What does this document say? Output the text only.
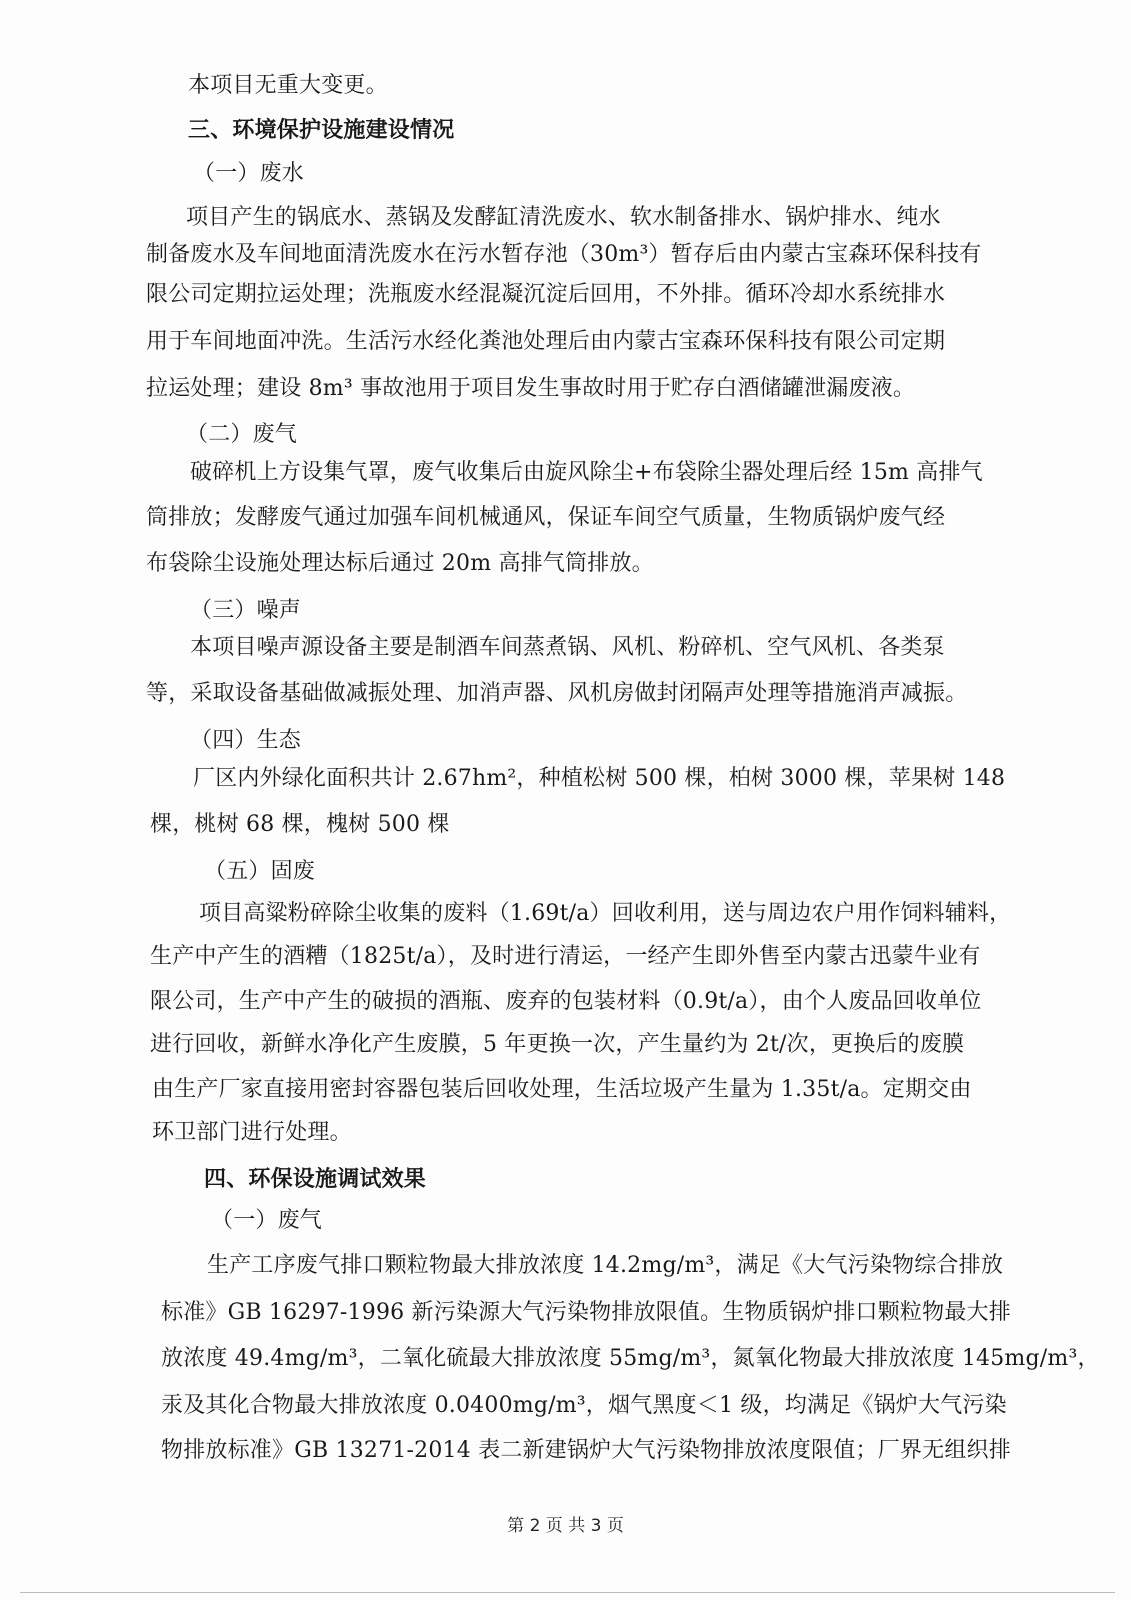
本项目无重大变更。
三、环境保护设施建设情况
（一）废水
项目产生的锅底水、蒸锅及发酵缸清洗废水、软水制备排水、锅炉排水、纯水
制备废水及车间地面清洗废水在污水暂存池（30m³）暂存后由内蒙古宝森环保科技有
限公司定期拉运处理；洗瓶废水经混凝沉淀后回用，不外排。循环冷却水系统排水
用于车间地面冲洗。生活污水经化粪池处理后由内蒙古宝森环保科技有限公司定期
拉运处理；建设 8m³ 事故池用于项目发生事故时用于贮存白酒储罐泄漏废液。
（二）废气
破碎机上方设集气罩，废气收集后由旋风除尘+布袋除尘器处理后经 15m 高排气
筒排放；发酵废气通过加强车间机械通风，保证车间空气质量，生物质锅炉废气经
布袋除尘设施处理达标后通过 20m 高排气筒排放。
（三）噪声
本项目噪声源设备主要是制酒车间蒸煮锅、风机、粉碎机、空气风机、各类泵
等，采取设备基础做减振处理、加消声器、风机房做封闭隔声处理等措施消声减振。
（四）生态
厂区内外绿化面积共计 2.67hm²，种植松树 500 棵，柏树 3000 棵，苹果树 148
棵，桃树 68 棵，槐树 500 棵
（五）固废
项目高粱粉碎除尘收集的废料（1.69t/a）回收利用，送与周边农户用作饲料辅料，
生产中产生的酒糟（1825t/a），及时进行清运，一经产生即外售至内蒙古迅蒙牛业有
限公司，生产中产生的破损的酒瓶、废弃的包装材料（0.9t/a），由个人废品回收单位
进行回收，新鲜水净化产生废膜，5 年更换一次，产生量约为 2t/次，更换后的废膜
由生产厂家直接用密封容器包装后回收处理，生活垃圾产生量为 1.35t/a。定期交由
环卫部门进行处理。
四、环保设施调试效果
（一）废气
生产工序废气排口颗粒物最大排放浓度 14.2mg/m³，满足《大气污染物综合排放
标准》GB 16297-1996 新污染源大气污染物排放限值。生物质锅炉排口颗粒物最大排
放浓度 49.4mg/m³，二氧化硫最大排放浓度 55mg/m³，氮氧化物最大排放浓度 145mg/m³，
汞及其化合物最大排放浓度 0.0400mg/m³，烟气黑度＜1 级，均满足《锅炉大气污染
物排放标准》GB 13271-2014 表二新建锅炉大气污染物排放浓度限值；厂界无组织排
第 2 页 共 3 页
